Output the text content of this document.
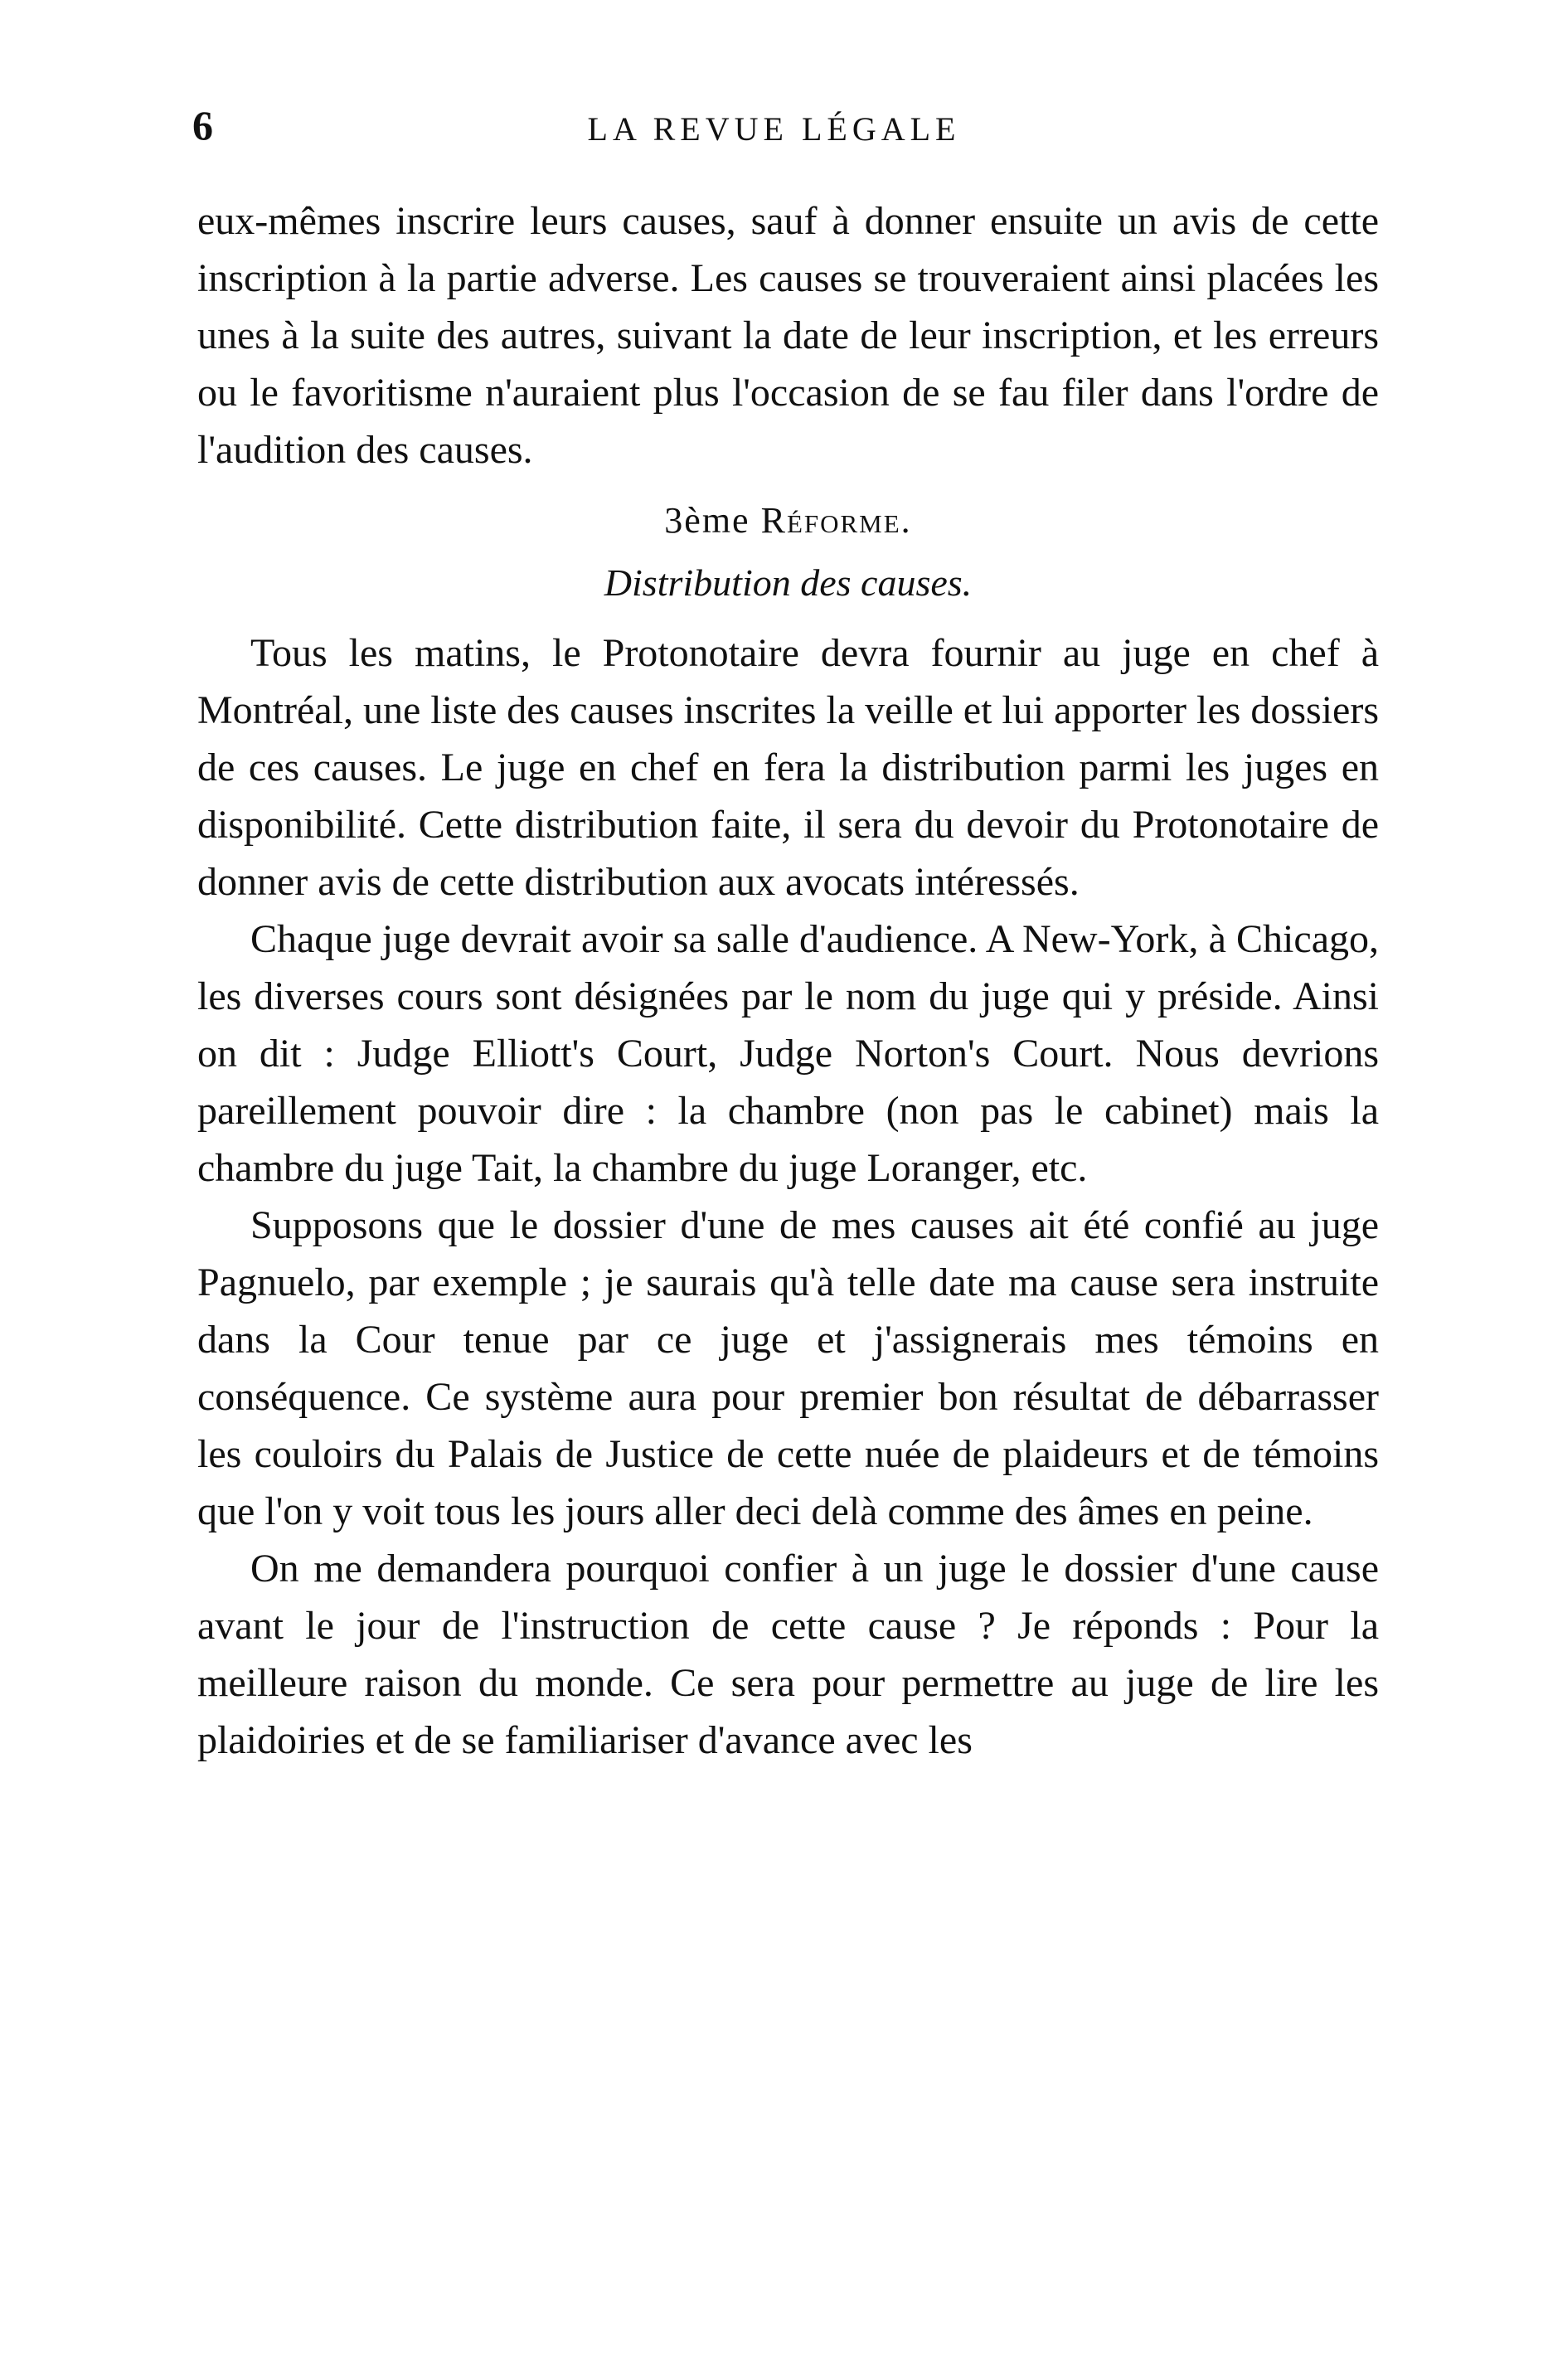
6	LA REVUE LÉGALE

eux-mêmes inscrire leurs causes, sauf à donner ensuite un avis de cette inscription à la partie adverse. Les causes se trouveraient ainsi placées les unes à la suite des autres, suivant la date de leur inscription, et les erreurs ou le favoritisme n'auraient plus l'occasion de se fau filer dans l'ordre de l'audition des causes.

3ème Réforme.
Distribution des causes.

Tous les matins, le Protonotaire devra fournir au juge en chef à Montréal, une liste des causes inscrites la veille et lui apporter les dossiers de ces causes. Le juge en chef en fera la distribution parmi les juges en disponibilité. Cette distribution faite, il sera du devoir du Protonotaire de donner avis de cette distribution aux avocats intéressés.

Chaque juge devrait avoir sa salle d'audience. A New-York, à Chicago, les diverses cours sont désignées par le nom du juge qui y préside. Ainsi on dit : Judge Elliott's Court, Judge Norton's Court. Nous devrions pareillement pouvoir dire : la chambre (non pas le cabinet) mais la chambre du juge Tait, la chambre du juge Loranger, etc.

Supposons que le dossier d'une de mes causes ait été confié au juge Pagnuelo, par exemple ; je saurais qu'à telle date ma cause sera instruite dans la Cour tenue par ce juge et j'assignerais mes témoins en conséquence. Ce système aura pour premier bon résultat de débarrasser les couloirs du Palais de Justice de cette nuée de plaideurs et de témoins que l'on y voit tous les jours aller deci delà comme des âmes en peine.

On me demandera pourquoi confier à un juge le dossier d'une cause avant le jour de l'instruction de cette cause ? Je réponds : Pour la meilleure raison du monde. Ce sera pour permettre au juge de lire les plaidoiries et de se familiariser d'avance avec les
